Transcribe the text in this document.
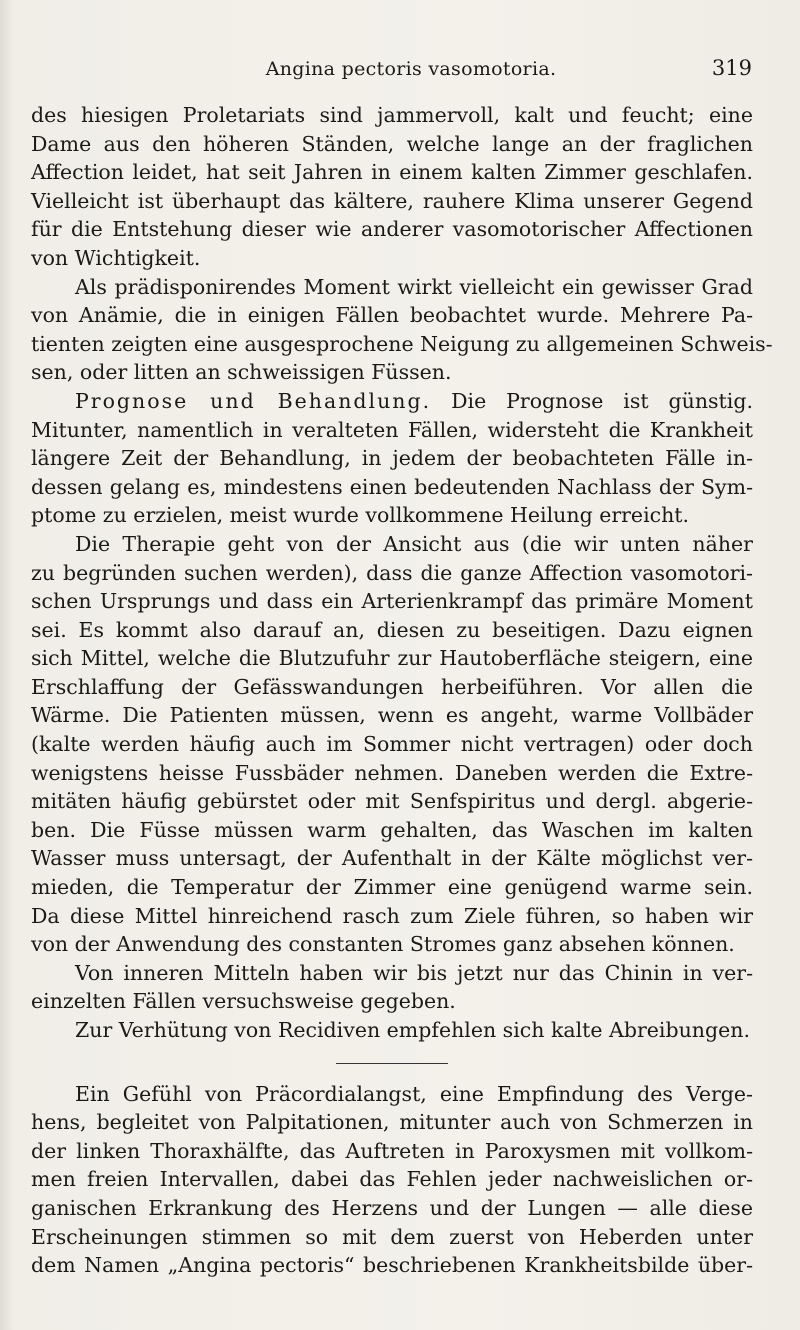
Angina pectoris vasomotoria.	319
des hiesigen Proletariats sind jammervoll, kalt und feucht; eine
Dame aus den höheren Ständen, welche lange an der fraglichen
Affection leidet, hat seit Jahren in einem kalten Zimmer geschlafen.
Vielleicht ist überhaupt das kältere, rauhere Klima unserer Gegend
für die Entstehung dieser wie anderer vasomotorischer Affectionen
von Wichtigkeit.
Als prädisponirendes Moment wirkt vielleicht ein gewisser Grad
von Anämie, die in einigen Fällen beobachtet wurde. Mehrere Pa-
tienten zeigten eine ausgesprochene Neigung zu allgemeinen Schweis-
sen, oder litten an schweissigen Füssen.
Prognose und Behandlung. Die Prognose ist günstig.
Mitunter, namentlich in veralteten Fällen, widersteht die Krankheit
längere Zeit der Behandlung, in jedem der beobachteten Fälle in-
dessen gelang es, mindestens einen bedeutenden Nachlass der Sym-
ptome zu erzielen, meist wurde vollkommene Heilung erreicht.
Die Therapie geht von der Ansicht aus (die wir unten näher
zu begründen suchen werden), dass die ganze Affection vasomotori-
schen Ursprungs und dass ein Arterienkrampf das primäre Moment
sei. Es kommt also darauf an, diesen zu beseitigen. Dazu eignen
sich Mittel, welche die Blutzufuhr zur Hautoberfläche steigern, eine
Erschlaffung der Gefässwandungen herbeiführen. Vor allen die
Wärme. Die Patienten müssen, wenn es angeht, warme Vollbäder
(kalte werden häufig auch im Sommer nicht vertragen) oder doch
wenigstens heisse Fussbäder nehmen. Daneben werden die Extre-
mitäten häufig gebürstet oder mit Senfspiritus und dergl. abgerie-
ben. Die Füsse müssen warm gehalten, das Waschen im kalten
Wasser muss untersagt, der Aufenthalt in der Kälte möglichst ver-
mieden, die Temperatur der Zimmer eine genügend warme sein.
Da diese Mittel hinreichend rasch zum Ziele führen, so haben wir
von der Anwendung des constanten Stromes ganz absehen können.
Von inneren Mitteln haben wir bis jetzt nur das Chinin in ver-
einzelten Fällen versuchsweise gegeben.
Zur Verhütung von Recidiven empfehlen sich kalte Abreibungen.
Ein Gefühl von Präcordialangst, eine Empfindung des Verge-
hens, begleitet von Palpitationen, mitunter auch von Schmerzen in
der linken Thoraxhälfte, das Auftreten in Paroxysmen mit vollkom-
men freien Intervallen, dabei das Fehlen jeder nachweislichen or-
ganischen Erkrankung des Herzens und der Lungen — alle diese
Erscheinungen stimmen so mit dem zuerst von Heberden unter
dem Namen „Angina pectoris“ beschriebenen Krankheitsbilde über-
